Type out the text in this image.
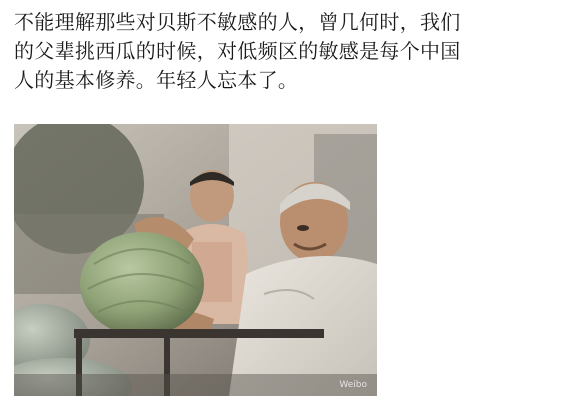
不能理解那些对贝斯不敏感的人，曾几何时，我们
的父辈挑西瓜的时候，对低频区的敏感是每个中国
人的基本修养。年轻人忘本了。
Weibo
